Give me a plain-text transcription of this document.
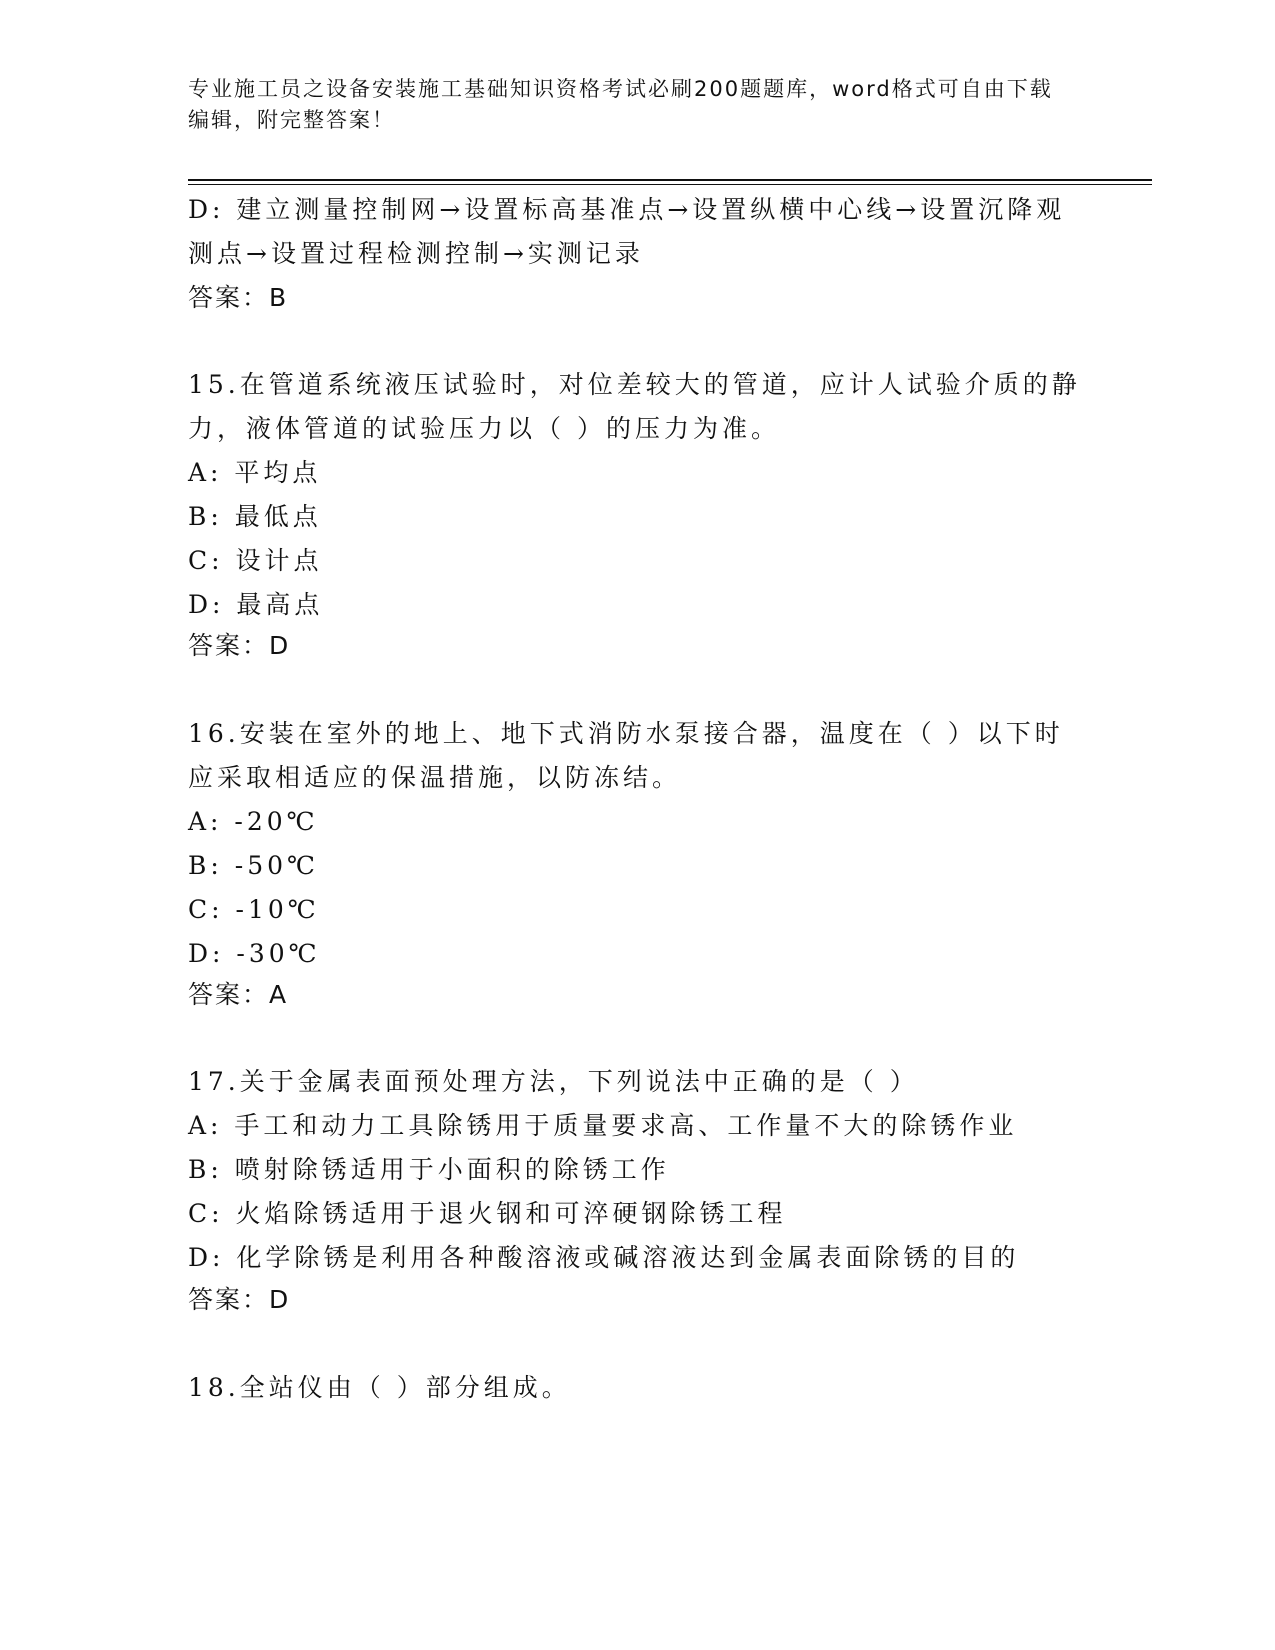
专业施工员之设备安装施工基础知识资格考试必刷200题题库，word格式可自由下载编辑，附完整答案！
D: 建立测量控制网→设置标高基准点→设置纵横中心线→设置沉降观
测点→设置过程检测控制→实测记录
答案：B
15.在管道系统液压试验时，对位差较大的管道，应计人试验介质的静
力，液体管道的试验压力以（ ）的压力为准。
A: 平均点
B: 最低点
C: 设计点
D: 最高点
答案：D
16.安装在室外的地上、地下式消防水泵接合器，温度在（ ）以下时
应采取相适应的保温措施，以防冻结。
A: -20℃
B: -50℃
C: -10℃
D: -30℃
答案：A
17.关于金属表面预处理方法，下列说法中正确的是（ ）
A: 手工和动力工具除锈用于质量要求高、工作量不大的除锈作业
B: 喷射除锈适用于小面积的除锈工作
C: 火焰除锈适用于退火钢和可淬硬钢除锈工程
D: 化学除锈是利用各种酸溶液或碱溶液达到金属表面除锈的目的
答案：D
18.全站仪由（ ）部分组成。
